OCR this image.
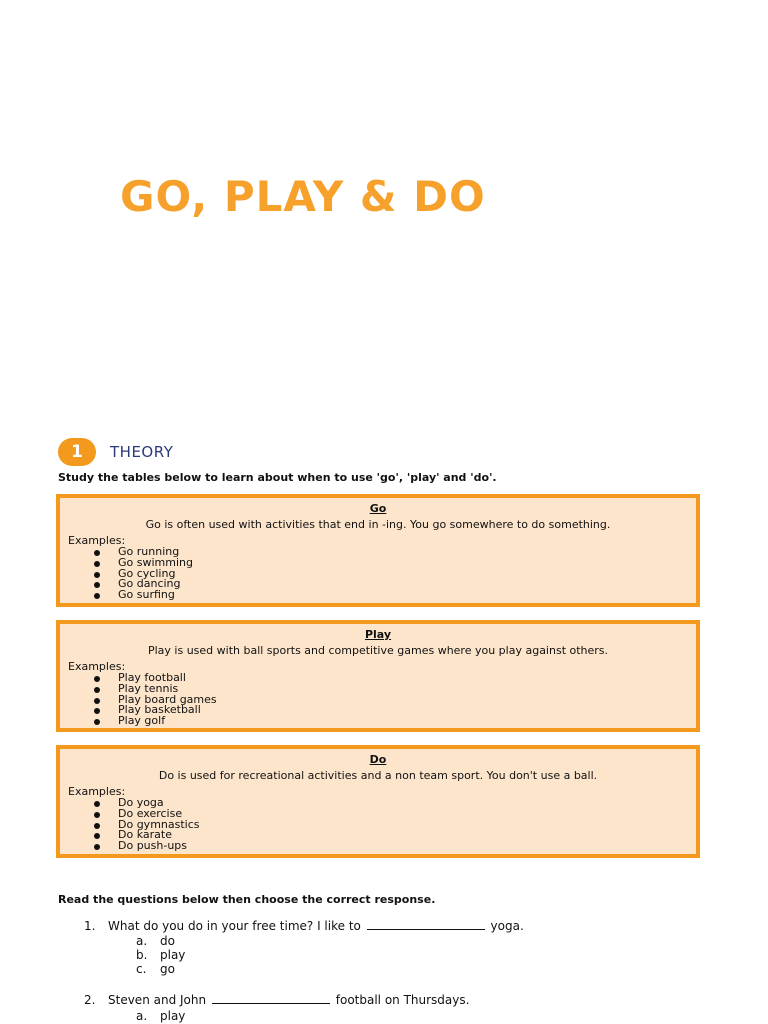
GO, PLAY & DO
1	THEORY
Study the tables below to learn about when to use 'go', 'play' and 'do'.
Go
Go is often used with activities that end in -ing. You go somewhere to do something.
Examples:
Go running
Go swimming
Go cycling
Go dancing
Go surfing
Play
Play is used with ball sports and competitive games where you play against others.
Examples:
Play football
Play tennis
Play board games
Play basketball
Play golf
Do
Do is used for recreational activities and a non team sport. You don't use a ball.
Examples:
Do yoga
Do exercise
Do gymnastics
Do karate
Do push-ups
Read the questions below then choose the correct response.
1. What do you do in your free time? I like to	yoga.
a. do
b. play
c. go
2. Steven and John	football on Thursdays.
a. play
